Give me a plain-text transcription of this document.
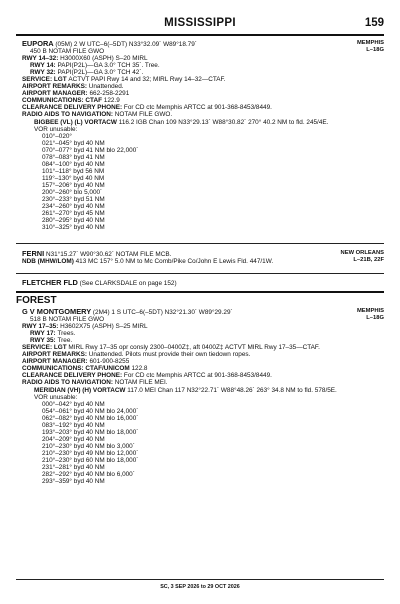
MISSISSIPPI	159
EUPORA (05M) 2 W UTC–6(–5DT) N33°32.09´ W89°18.79´
450 B NOTAM FILE GWO
RWY 14–32: H3000X60 (ASPH) S–20 MIRL
RWY 14: PAPI(P2L)—GA 3.0° TCH 35´. Tree.
RWY 32: PAPI(P2L)—GA 3.0° TCH 42´.
SERVICE: LGT ACTVT PAPI Rwy 14 and 32; MIRL Rwy 14–32—CTAF.
AIRPORT REMARKS: Unattended.
AIRPORT MANAGER: 662-258-2291
COMMUNICATIONS: CTAF 122.9
CLEARANCE DELIVERY PHONE: For CD ctc Memphis ARTCC at 901-368-8453/8449.
RADIO AIDS TO NAVIGATION: NOTAM FILE GWO.
BIGBEE (VL) (L) VORTACW 116.2 IGB Chan 109 N33°29.13´ W88°30.82´ 270° 40.2 NM to fld. 245/4E.
VOR unusable:
010°–020°
021°–045° byd 40 NM
070°–077° byd 41 NM blo 22,000´
078°–083° byd 41 NM
084°–100° byd 40 NM
101°–118° byd 56 NM
119°–130° byd 40 NM
157°–206° byd 40 NM
200°–260° blo 5,000´
230°–233° byd 51 NM
234°–260° byd 40 NM
261°–270° byd 45 NM
280°–295° byd 40 NM
310°–325° byd 40 NM
MEMPHIS
L–18G
FERNI N31°15.27´ W90°30.62´ NOTAM FILE MCB.
NDB (MHW/LOM) 413 MC 157° 5.0 NM to Mc Comb/Pike Co/John E Lewis Fld. 447/1W.
NEW ORLEANS
L–21B, 22F
FLETCHER FLD (See CLARKSDALE on page 152)
FOREST
G V MONTGOMERY (2M4) 1 S UTC–6(–5DT) N32°21.30´ W89°29.29´
518 B NOTAM FILE GWO
RWY 17–35: H3602X75 (ASPH) S–25 MIRL
RWY 17: Trees.
RWY 35: Tree.
SERVICE: LGT MIRL Rwy 17–35 opr consly 2300–0400Z‡, aft 0400Z‡ ACTVT MIRL Rwy 17–35—CTAF.
AIRPORT REMARKS: Unattended. Pilots must provide their own tiedown ropes.
AIRPORT MANAGER: 601-900-8255
COMMUNICATIONS: CTAF/UNICOM 122.8
CLEARANCE DELIVERY PHONE: For CD ctc Memphis ARTCC at 901-368-8453/8449.
RADIO AIDS TO NAVIGATION: NOTAM FILE MEI.
MERIDIAN (VH) (H) VORTACW 117.0 MEI Chan 117 N32°22.71´ W88°48.26´ 263° 34.8 NM to fld. 578/5E.
VOR unusable:
000°–042° byd 40 NM
054°–061° byd 40 NM blo 24,000´
062°–082° byd 40 NM blo 16,000´
083°–192° byd 40 NM
193°–203° byd 40 NM blo 18,000´
204°–209° byd 40 NM
210°–230° byd 40 NM blo 3,000´
210°–230° byd 49 NM blo 12,000´
210°–230° byd 60 NM blo 18,000´
231°–281° byd 40 NM
282°–292° byd 40 NM blo 6,000´
293°–359° byd 40 NM
MEMPHIS
L–18G
SC, 3 SEP 2026 to 29 OCT 2026
